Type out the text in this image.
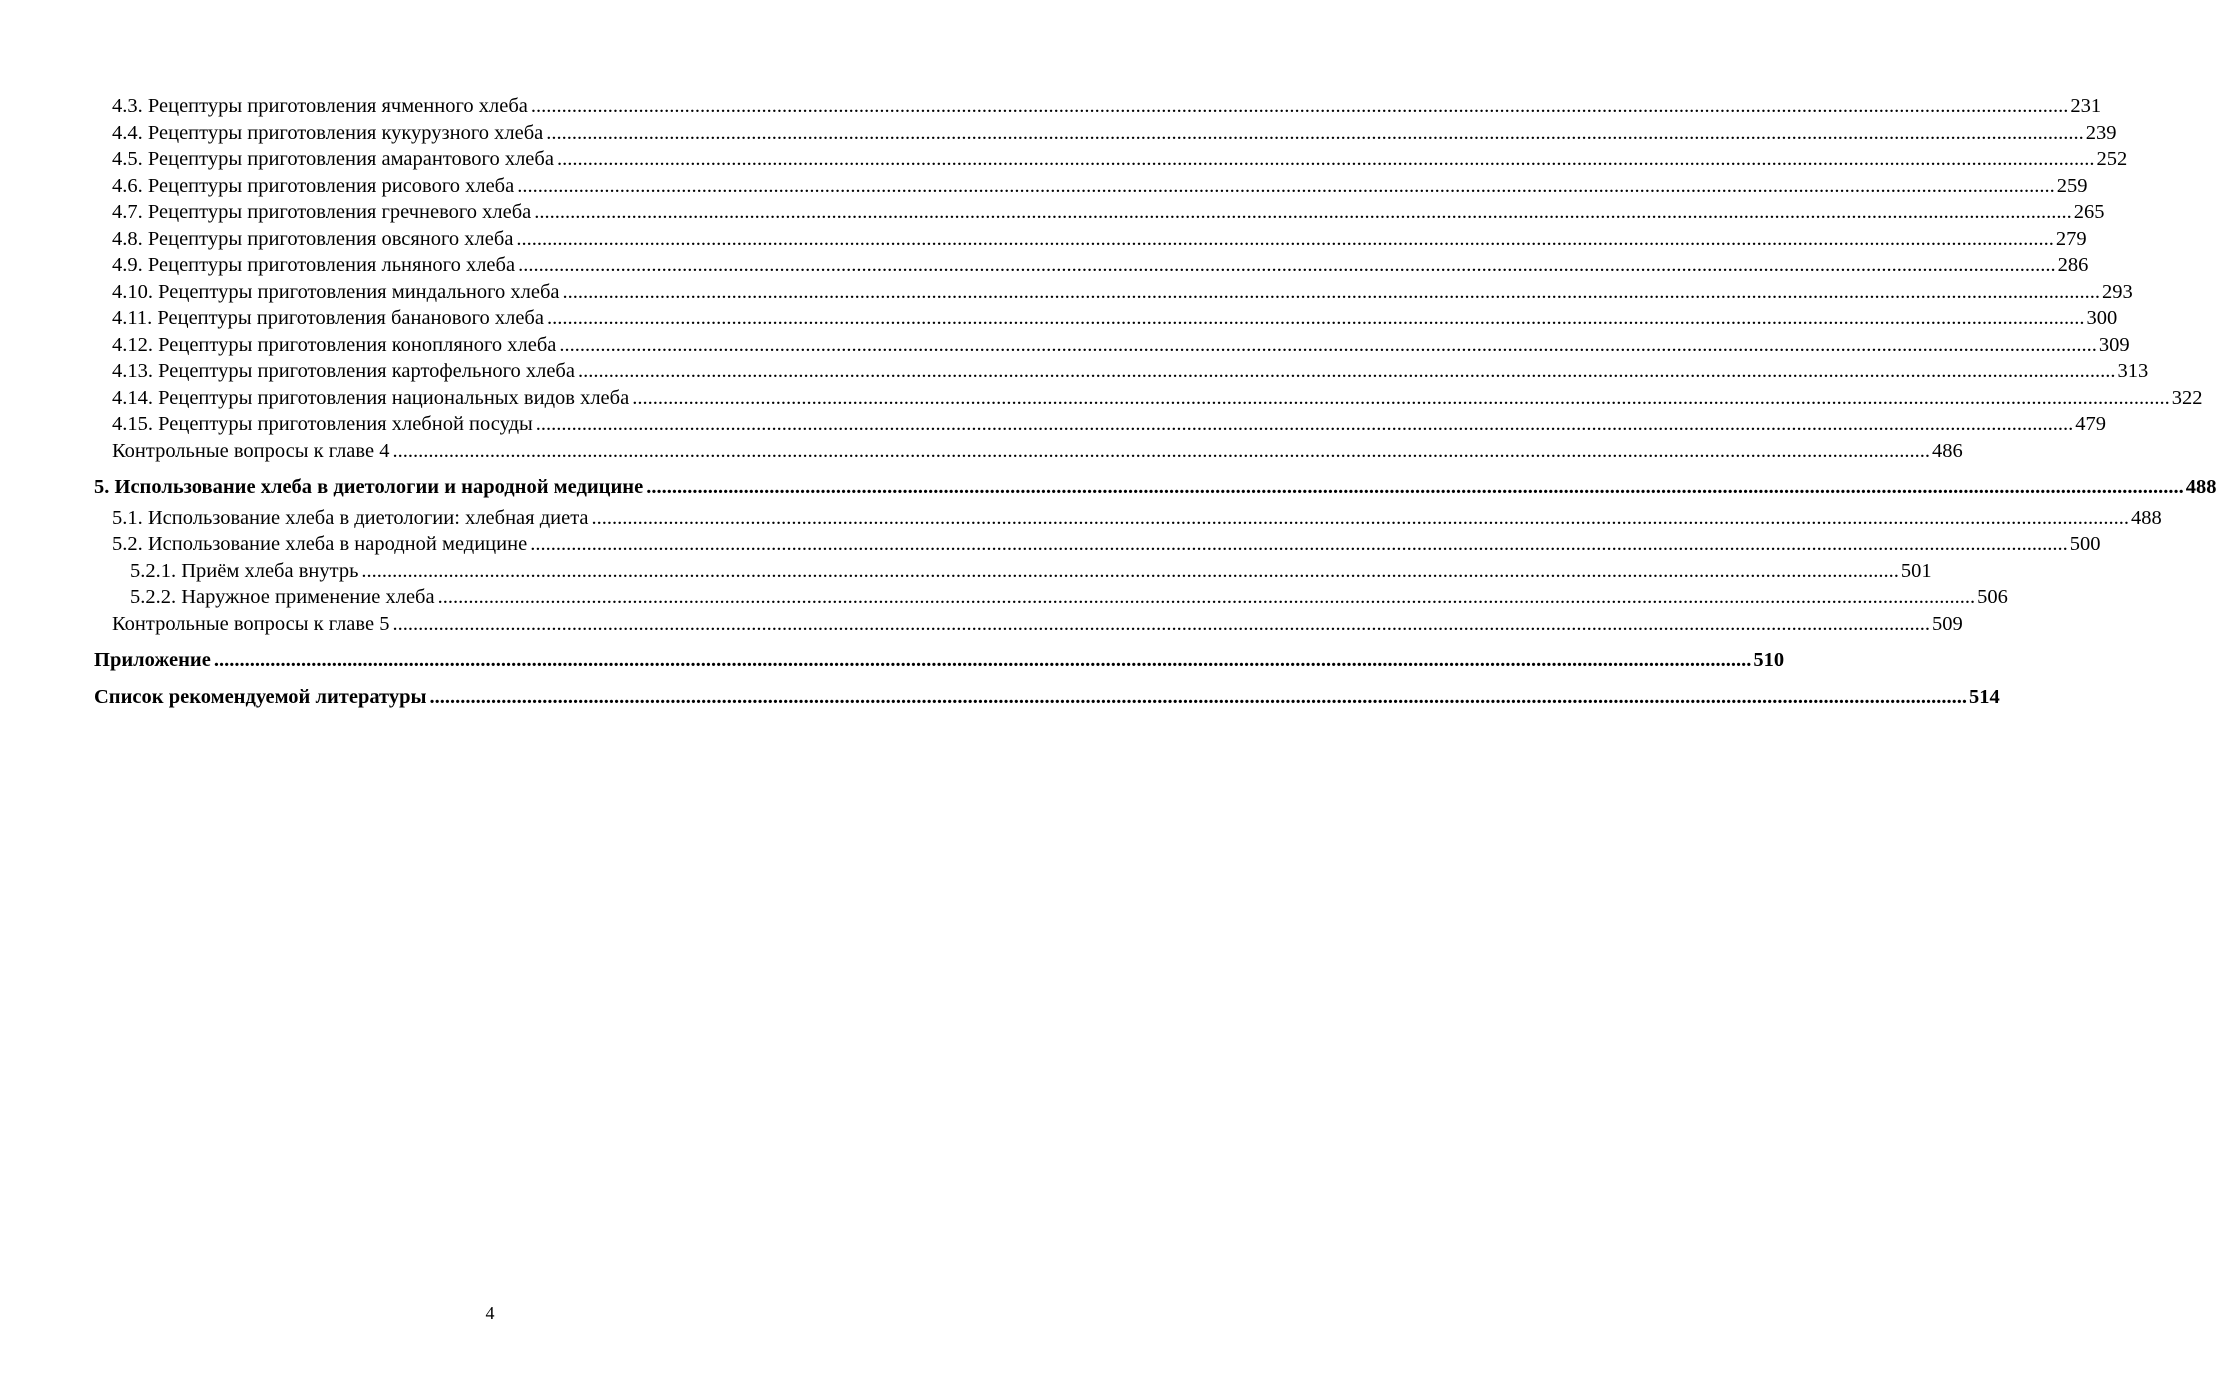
4.3. Рецептуры приготовления ячменного хлеба ............................................................................................................................................................................................................................................................................................................ 231
4.4. Рецептуры приготовления кукурузного хлеба ............................................................................................................................................................................................................................................................................................................ 239
4.5. Рецептуры приготовления амарантового хлеба ............................................................................................................................................................................................................................................................................................................ 252
4.6. Рецептуры приготовления рисового хлеба ............................................................................................................................................................................................................................................................................................................ 259
4.7. Рецептуры приготовления гречневого хлеба ............................................................................................................................................................................................................................................................................................................ 265
4.8. Рецептуры приготовления овсяного хлеба ............................................................................................................................................................................................................................................................................................................ 279
4.9. Рецептуры приготовления льняного хлеба ............................................................................................................................................................................................................................................................................................................ 286
4.10. Рецептуры приготовления миндального хлеба ............................................................................................................................................................................................................................................................................................................ 293
4.11. Рецептуры приготовления бананового хлеба ............................................................................................................................................................................................................................................................................................................ 300
4.12. Рецептуры приготовления конопляного хлеба ............................................................................................................................................................................................................................................................................................................ 309
4.13. Рецептуры приготовления картофельного хлеба ............................................................................................................................................................................................................................................................................................................ 313
4.14. Рецептуры приготовления национальных видов хлеба ............................................................................................................................................................................................................................................................................................................ 322
4.15. Рецептуры приготовления хлебной посуды ............................................................................................................................................................................................................................................................................................................ 479
Контрольные вопросы к главе 4 ............................................................................................................................................................................................................................................................................................................ 486
5. Использование хлеба в диетологии и народной медицине ............................................................................................................................................................................................................................................................................................................ 488
5.1. Использование хлеба в диетологии: хлебная диета ............................................................................................................................................................................................................................................................................................................ 488
5.2. Использование хлеба в народной медицине ............................................................................................................................................................................................................................................................................................................ 500
5.2.1. Приём хлеба внутрь ............................................................................................................................................................................................................................................................................................................ 501
5.2.2. Наружное применение хлеба ............................................................................................................................................................................................................................................................................................................ 506
Контрольные вопросы к главе 5 ............................................................................................................................................................................................................................................................................................................ 509
Приложение ............................................................................................................................................................................................................................................................................................................ 510
Список рекомендуемой литературы ............................................................................................................................................................................................................................................................................................................ 514
4
